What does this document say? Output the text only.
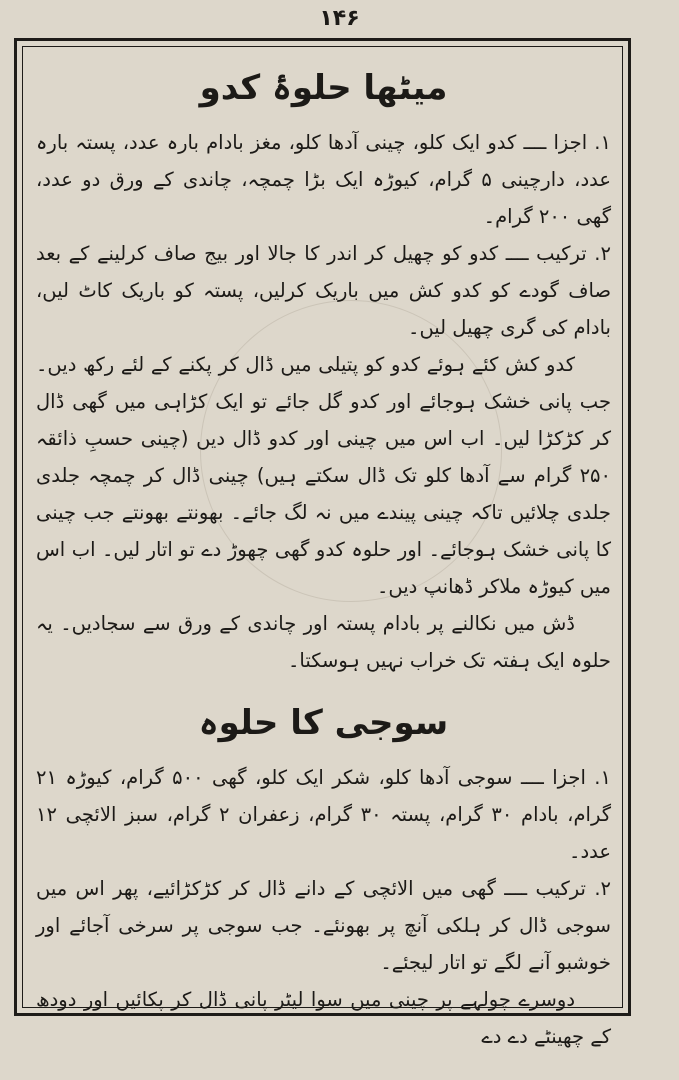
۱۴۶
میٹھا حلوۂ کدو

۱. اجزا ــــ کدو ایک کلو، چینی آدھا کلو، مغز بادام بارہ عدد، پستہ بارہ عدد، دارچینی ۵ گرام، کیوڑہ ایک بڑا چمچہ، چاندی کے ورق دو عدد، گھی ۲۰۰ گرام۔

۲. ترکیب ــــ کدو کو چھیل کر اندر کا جالا اور بیج صاف کرلینے کے بعد صاف گودے کو کدو کش میں باریک کرلیں، پستہ کو باریک کاٹ لیں، بادام کی گری چھیل لیں۔

کدو کش کئے ہوئے کدو کو پتیلی میں ڈال کر پکنے کے لئے رکھ دیں۔ جب پانی خشک ہوجائے اور کدو گل جائے تو ایک کڑاہی میں گھی ڈال کر کڑکڑا لیں۔ اب اس میں چینی اور کدو ڈال دیں (چینی حسبِ ذائقہ ۲۵۰ گرام سے آدھا کلو تک ڈال سکتے ہیں) چینی ڈال کر چمچہ جلدی جلدی چلائیں تاکہ چینی پیندے میں نہ لگ جائے۔ بھونتے بھونتے جب چینی کا پانی خشک ہوجائے۔ اور حلوہ کدو گھی چھوڑ دے تو اتار لیں۔ اب اس میں کیوڑہ ملاکر ڈھانپ دیں۔

ڈش میں نکالنے پر بادام پستہ اور چاندی کے ورق سے سجادیں۔ یہ حلوہ ایک ہفتہ تک خراب نہیں ہوسکتا۔

سوجی کا حلوہ

۱. اجزا ــــ سوجی آدھا کلو، شکر ایک کلو، گھی ۵۰۰ گرام، کیوڑہ ۲۱ گرام، بادام ۳۰ گرام، پستہ ۳۰ گرام، زعفران ۲ گرام، سبز الائچی ۱۲ عدد۔

۲. ترکیب ــــ گھی میں الائچی کے دانے ڈال کر کڑکڑائیے، پھر اس میں سوجی ڈال کر ہلکی آنچ پر بھونئے۔ جب سوجی پر سرخی آجائے اور خوشبو آنے لگے تو اتار لیجئے۔

دوسرے چولہے پر چینی میں سوا لیٹر پانی ڈال کر پکائیں اور دودھ کے چھینٹے دے دے
